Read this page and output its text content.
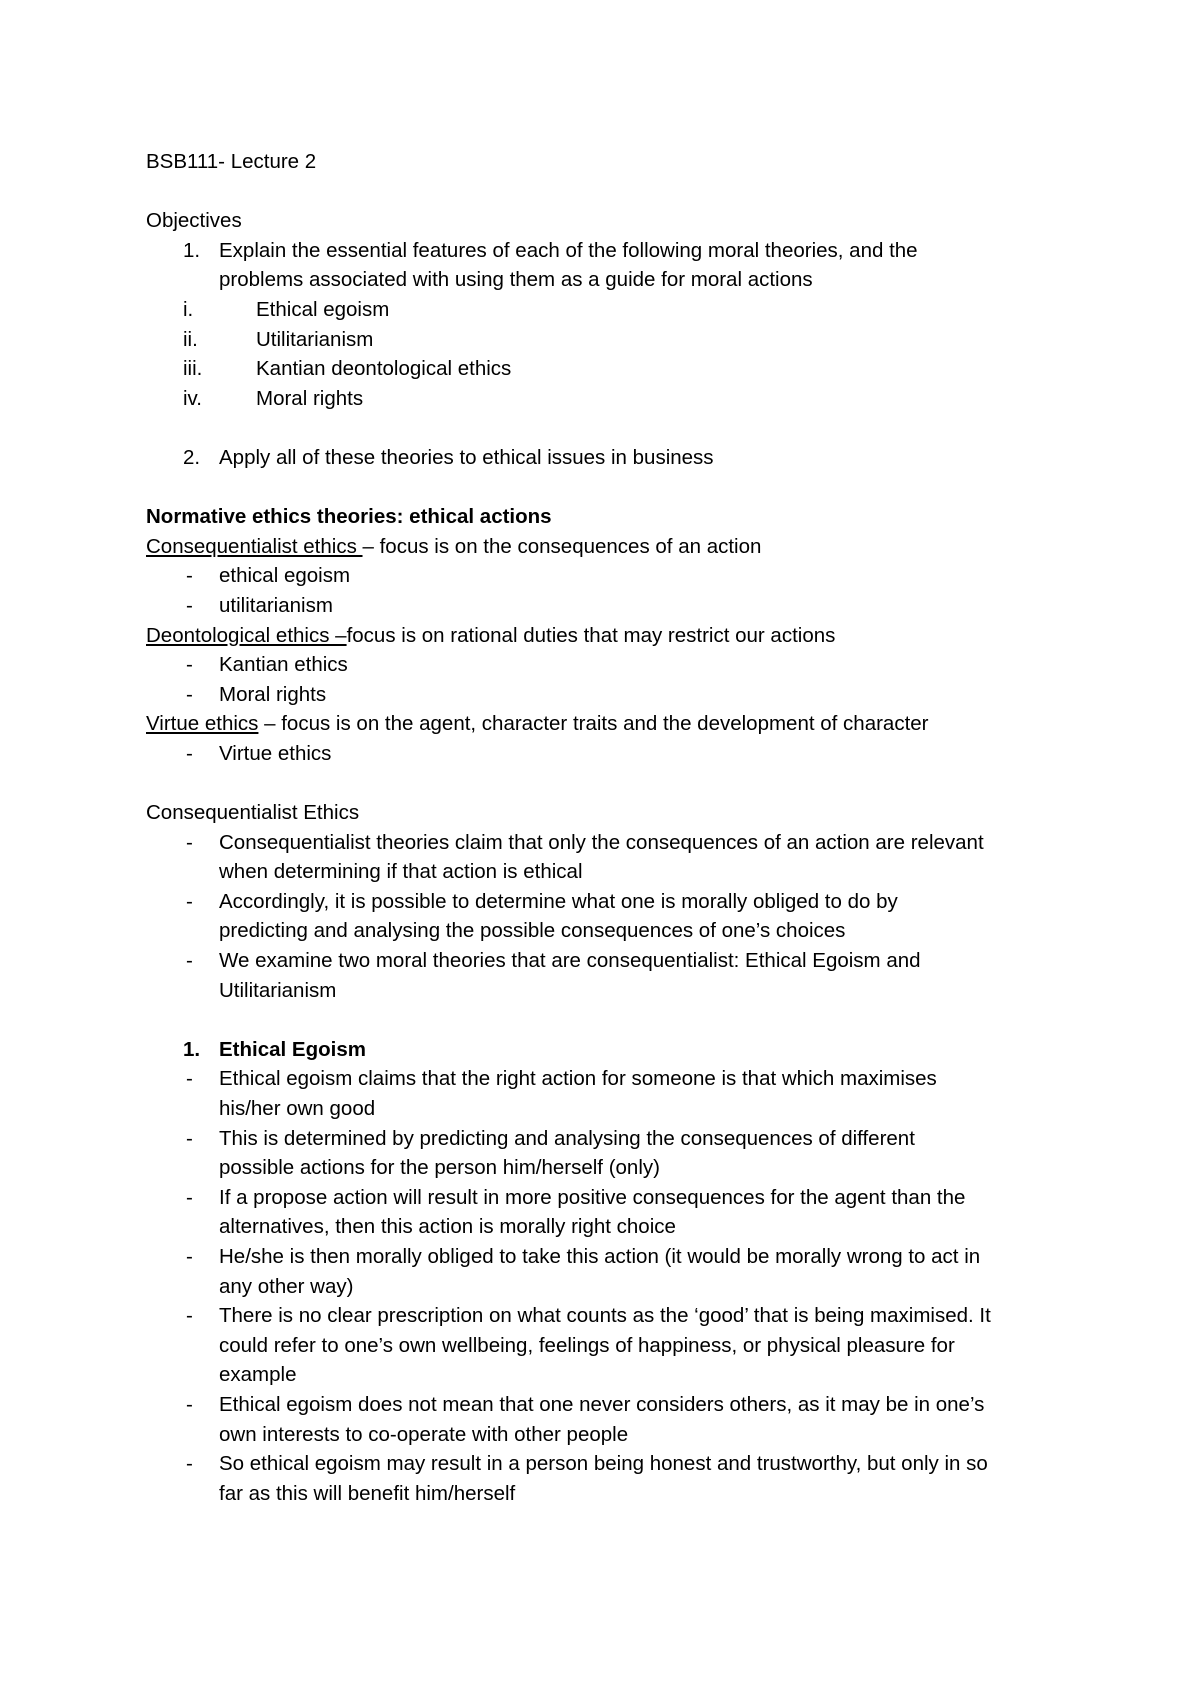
BSB111- Lecture 2
Objectives
1. Explain the essential features of each of the following moral theories, and the
problems associated with using them as a guide for moral actions
i.	Ethical egoism
ii.	Utilitarianism
iii.	Kantian deontological ethics
iv.	Moral rights
2. Apply all of these theories to ethical issues in business
Normative ethics theories: ethical actions
Consequentialist ethics – focus is on the consequences of an action
-	ethical egoism
-	utilitarianism
Deontological ethics –focus is on rational duties that may restrict our actions
-	Kantian ethics
-	Moral rights
Virtue ethics – focus is on the agent, character traits and the development of character
-	Virtue ethics
Consequentialist Ethics
-	Consequentialist theories claim that only the consequences of an action are relevant
when determining if that action is ethical
-	Accordingly, it is possible to determine what one is morally obliged to do by
predicting and analysing the possible consequences of one’s choices
-	We examine two moral theories that are consequentialist: Ethical Egoism and
Utilitarianism
1. Ethical Egoism
-	Ethical egoism claims that the right action for someone is that which maximises
his/her own good
-	This is determined by predicting and analysing the consequences of different
possible actions for the person him/herself (only)
-	If a propose action will result in more positive consequences for the agent than the
alternatives, then this action is morally right choice
-	He/she is then morally obliged to take this action (it would be morally wrong to act in
any other way)
-	There is no clear prescription on what counts as the ‘good’ that is being maximised. It
could refer to one’s own wellbeing, feelings of happiness, or physical pleasure for
example
-	Ethical egoism does not mean that one never considers others, as it may be in one’s
own interests to co-operate with other people
-	So ethical egoism may result in a person being honest and trustworthy, but only in so
far as this will benefit him/herself
